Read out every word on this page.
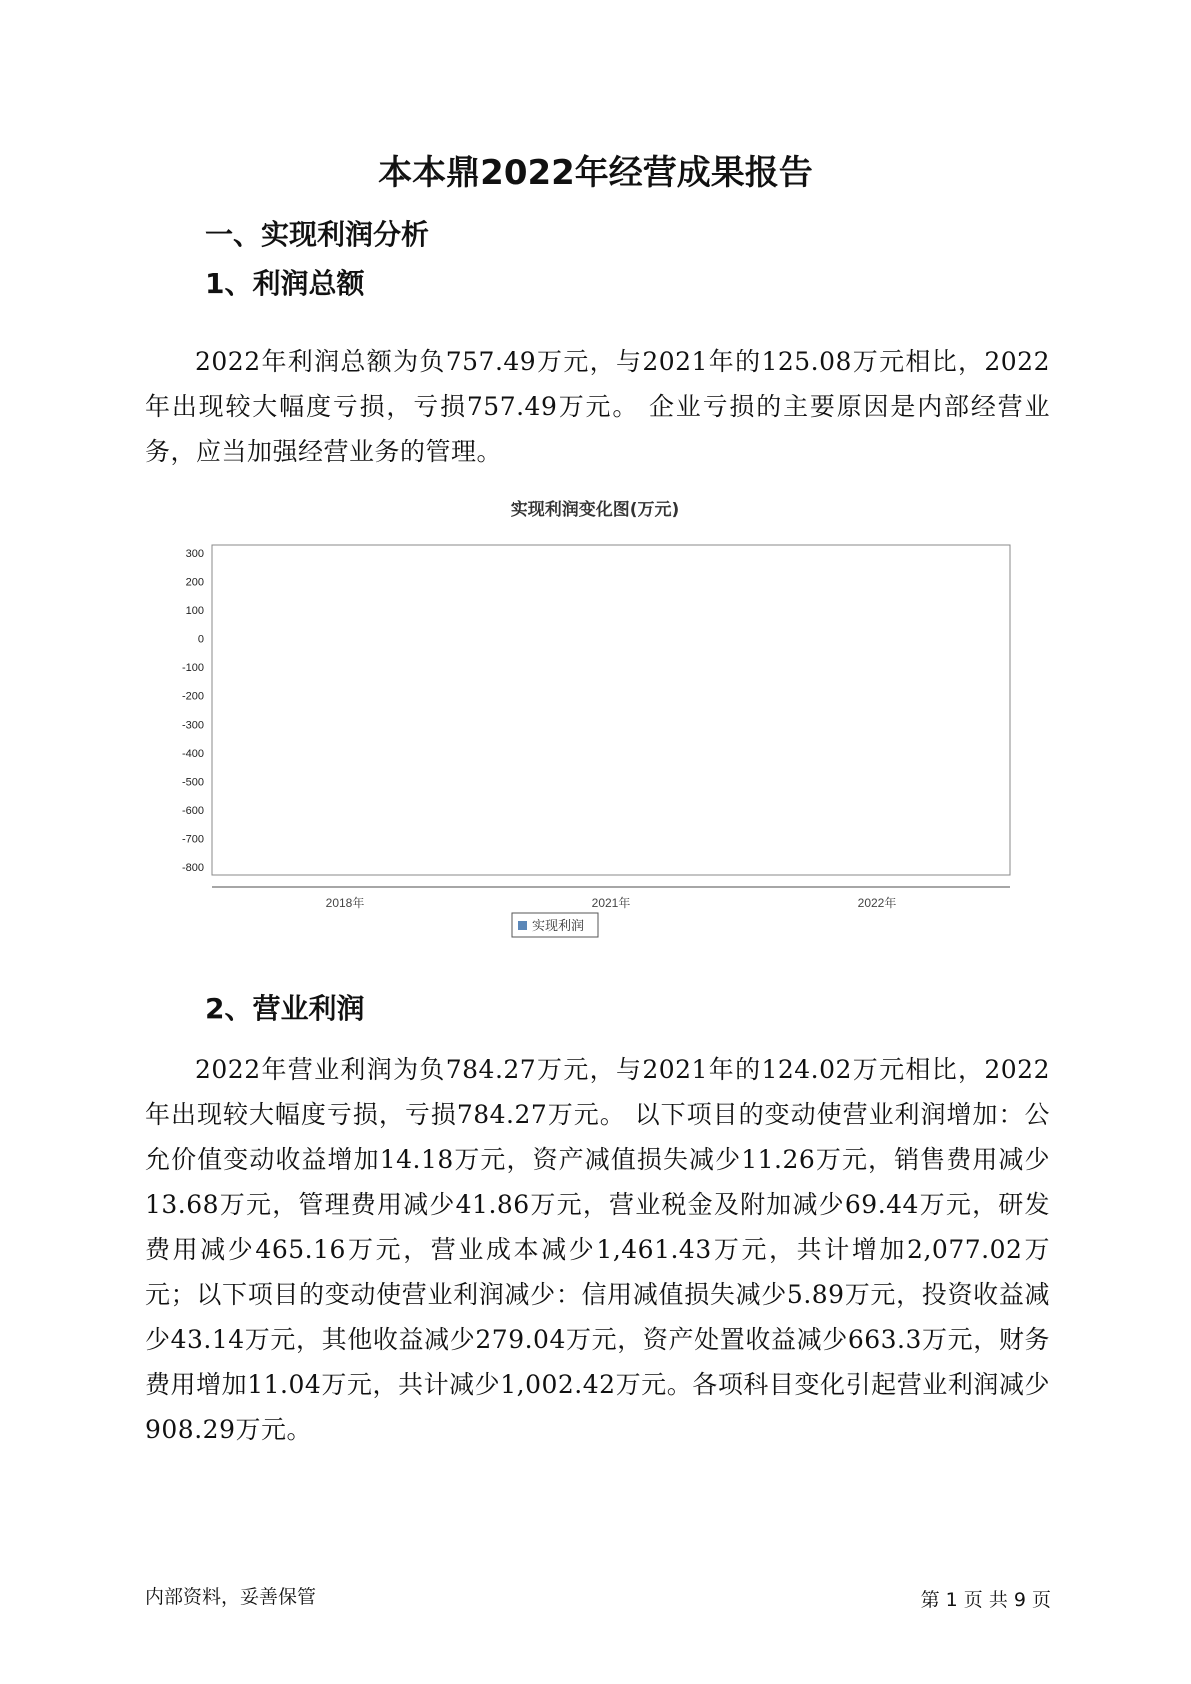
本本鼎2022年经营成果报告
一、实现利润分析
1、利润总额

2022年利润总额为负757.49万元，与2021年的125.08万元相比，2022年出现较大幅度亏损，亏损757.49万元。 企业亏损的主要原因是内部经营业务，应当加强经营业务的管理。

实现利润变化图(万元)
300
200
100
0
-100
-200
-300
-400
-500
-600
-700
-800
2018年	2021年	2022年
实现利润
2、营业利润

2022年营业利润为负784.27万元，与2021年的124.02万元相比，2022年出现较大幅度亏损，亏损784.27万元。 以下项目的变动使营业利润增加：公允价值变动收益增加14.18万元，资产减值损失减少11.26万元，销售费用减少13.68万元，管理费用减少41.86万元，营业税金及附加减少69.44万元，研发费用减少465.16万元，营业成本减少1,461.43万元，共计增加2,077.02万元；以下项目的变动使营业利润减少：信用减值损失减少5.89万元，投资收益减少43.14万元，其他收益减少279.04万元，资产处置收益减少663.3万元，财务费用增加11.04万元，共计减少1,002.42万元。各项科目变化引起营业利润减少908.29万元。

内部资料，妥善保管	第 1 页 共 9 页
